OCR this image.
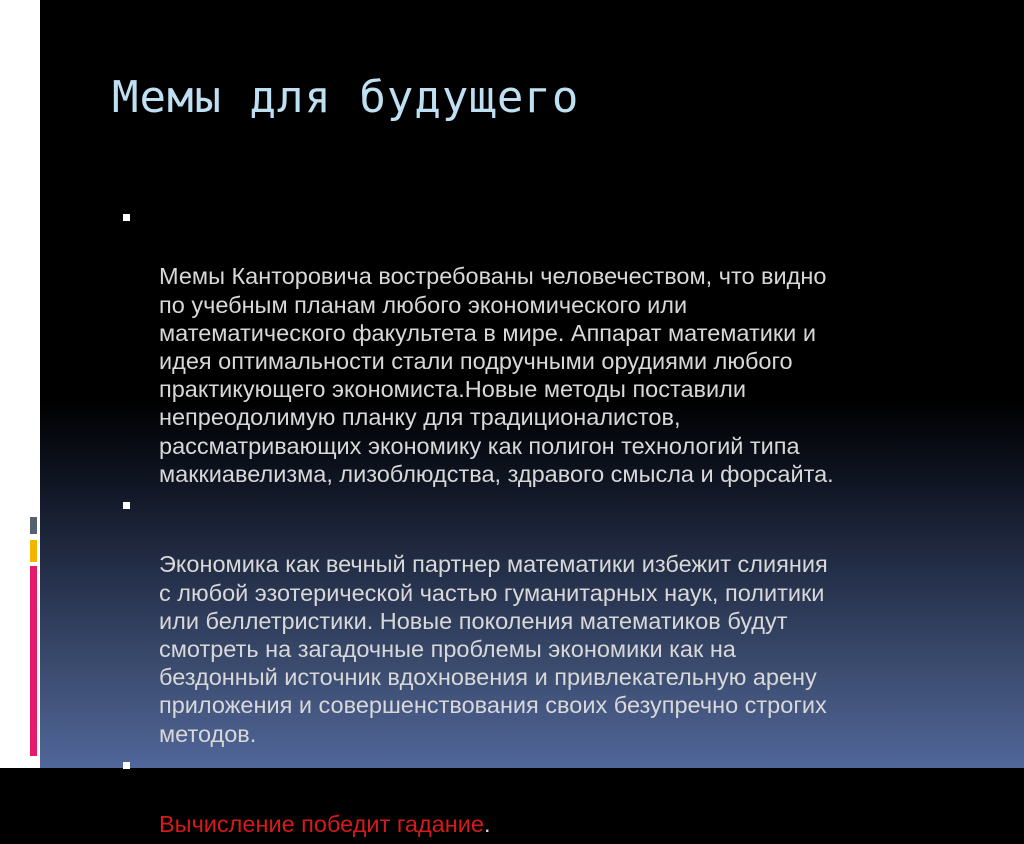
Мемы для будущего

Мемы Канторовича востребованы человечеством, что видно
по учебным планам любого экономического или
математического факультета в мире. Аппарат математики и
идея оптимальности стали подручными орудиями любого
практикующего экономиста.Новые методы поставили
непреодолимую планку для традиционалистов,
рассматривающих экономику как полигон технологий типа
маккиавелизма, лизоблюдства, здравого смысла и форсайта.

Экономика как вечный партнер математики избежит слияния
с любой эзотерической частью гуманитарных наук, политики
или беллетристики. Новые поколения математиков будут
смотреть на загадочные проблемы экономики как на
бездонный источник вдохновения и привлекательную арену
приложения и совершенствования своих безупречно строгих
методов.

Вычисление победит гадание.
